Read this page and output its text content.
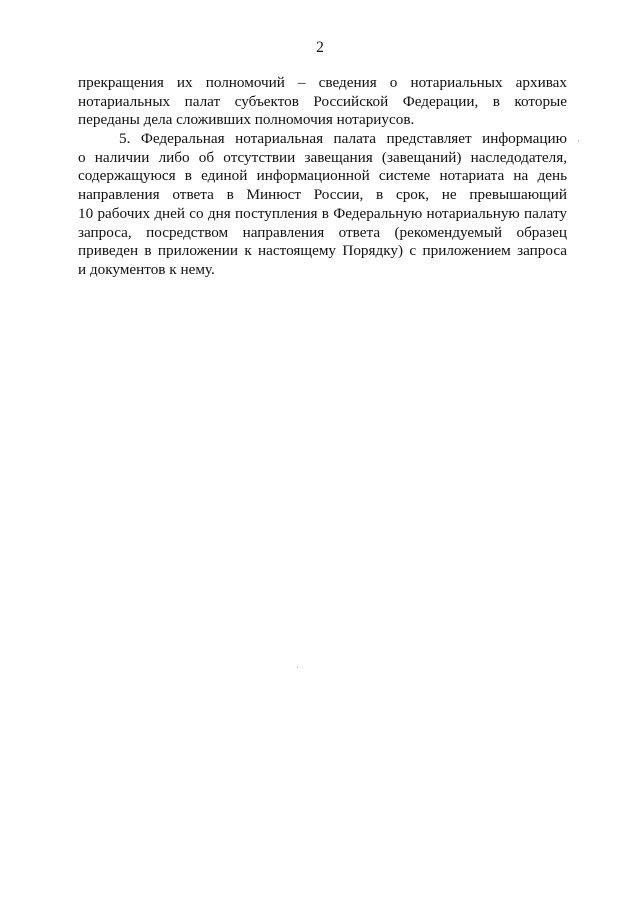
2
прекращения их полномочий – сведения о нотариальных архивах
нотариальных палат субъектов Российской Федерации, в которые
переданы дела сложивших полномочия нотариусов.
5. Федеральная нотариальная палата представляет информацию
о наличии либо об отсутствии завещания (завещаний) наследодателя,
содержащуюся в единой информационной системе нотариата на день
направления ответа в Минюст России, в срок, не превышающий
10 рабочих дней со дня поступления в Федеральную нотариальную палату
запроса, посредством направления ответа (рекомендуемый образец
приведен в приложении к настоящему Порядку) с приложением запроса
и документов к нему.
